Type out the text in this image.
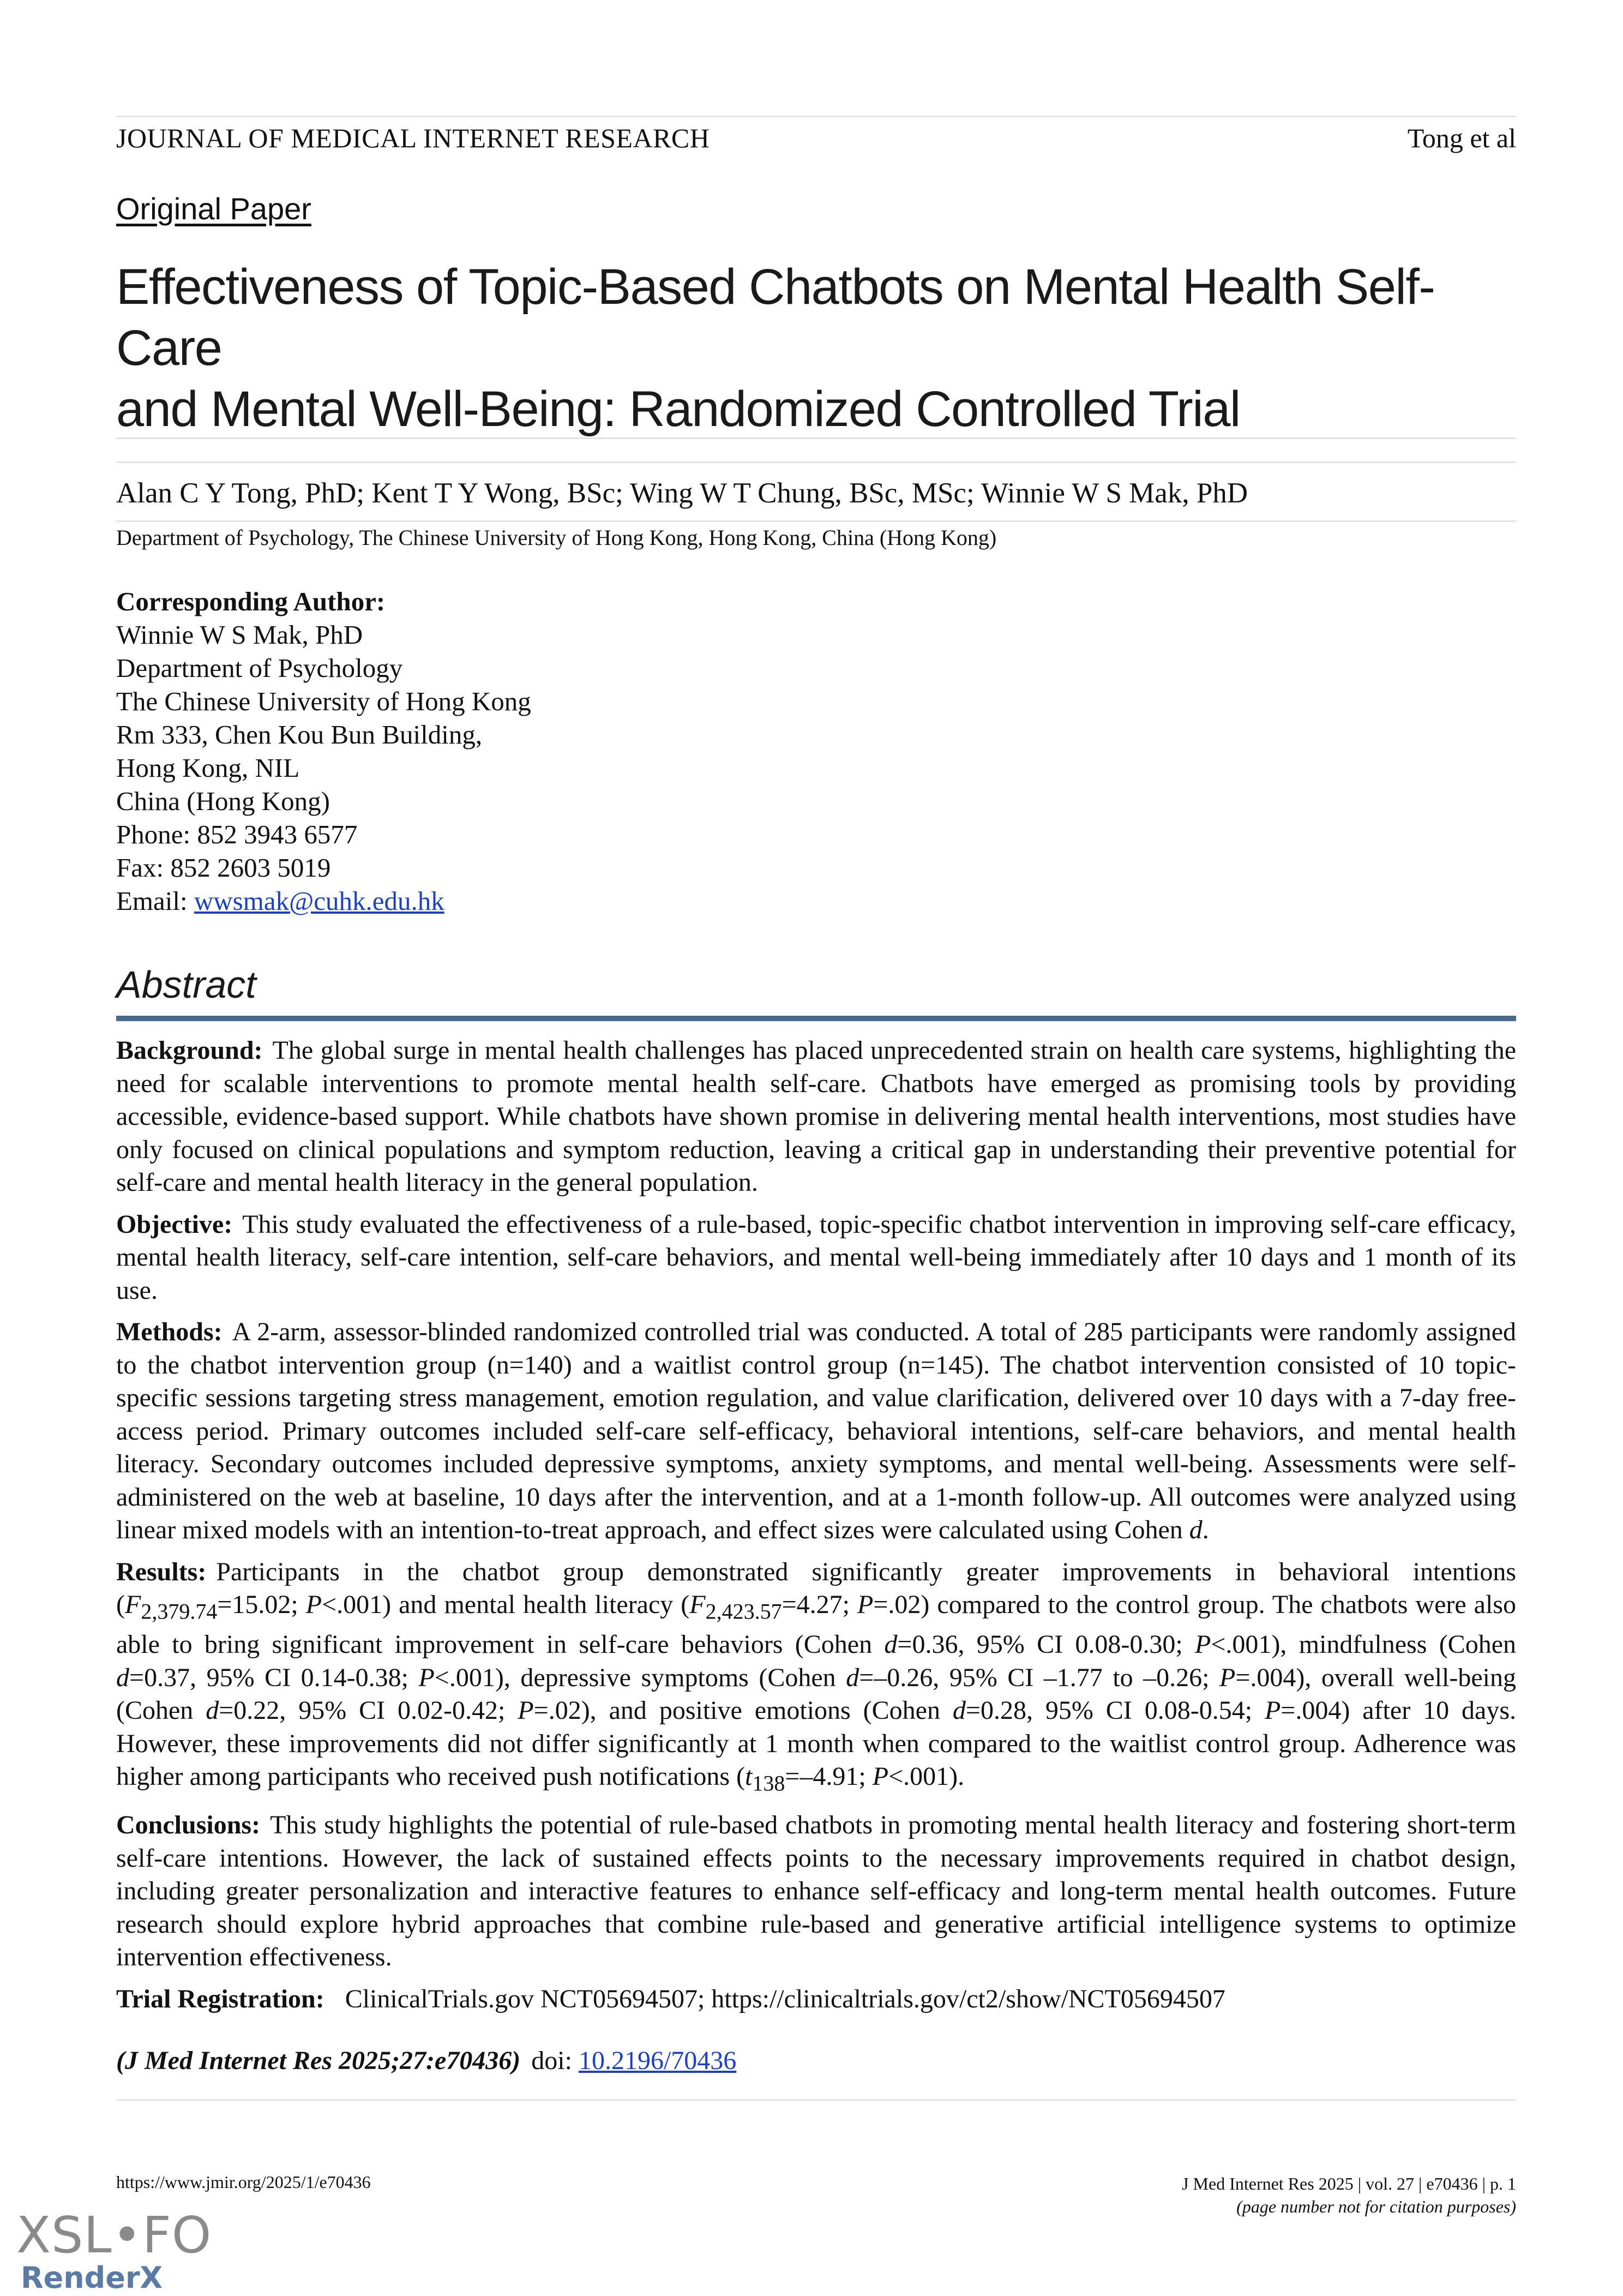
JOURNAL OF MEDICAL INTERNET RESEARCH	Tong et al
Original Paper
Effectiveness of Topic-Based Chatbots on Mental Health Self-Care
and Mental Well-Being: Randomized Controlled Trial
Alan C Y Tong, PhD; Kent T Y Wong, BSc; Wing W T Chung, BSc, MSc; Winnie W S Mak, PhD
Department of Psychology, The Chinese University of Hong Kong, Hong Kong, China (Hong Kong)
Corresponding Author:
Winnie W S Mak, PhD
Department of Psychology
The Chinese University of Hong Kong
Rm 333, Chen Kou Bun Building,
Hong Kong, NIL
China (Hong Kong)
Phone: 852 3943 6577
Fax: 852 2603 5019
Email: wwsmak@cuhk.edu.hk
Abstract

Background: The global surge in mental health challenges has placed unprecedented strain on health care systems, highlighting the need for scalable interventions to promote mental health self-care. Chatbots have emerged as promising tools by providing accessible, evidence-based support. While chatbots have shown promise in delivering mental health interventions, most studies have only focused on clinical populations and symptom reduction, leaving a critical gap in understanding their preventive potential for self-care and mental health literacy in the general population.

Objective: This study evaluated the effectiveness of a rule-based, topic-specific chatbot intervention in improving self-care efficacy, mental health literacy, self-care intention, self-care behaviors, and mental well-being immediately after 10 days and 1 month of its use.

Methods: A 2-arm, assessor-blinded randomized controlled trial was conducted. A total of 285 participants were randomly assigned to the chatbot intervention group (n=140) and a waitlist control group (n=145). The chatbot intervention consisted of 10 topic-specific sessions targeting stress management, emotion regulation, and value clarification, delivered over 10 days with a 7-day free-access period. Primary outcomes included self-care self-efficacy, behavioral intentions, self-care behaviors, and mental health literacy. Secondary outcomes included depressive symptoms, anxiety symptoms, and mental well-being. Assessments were self-administered on the web at baseline, 10 days after the intervention, and at a 1-month follow-up. All outcomes were analyzed using linear mixed models with an intention-to-treat approach, and effect sizes were calculated using Cohen d.

Results: Participants in the chatbot group demonstrated significantly greater improvements in behavioral intentions ($F_{2,379.74}=15.02$; P<.001) and mental health literacy ($F_{2,423.57}=4.27$; P=.02) compared to the control group. The chatbots were also able to bring significant improvement in self-care behaviors (Cohen d=0.36, 95% CI 0.08-0.30; P<.001), mindfulness (Cohen d=0.37, 95% CI 0.14-0.38; P<.001), depressive symptoms (Cohen d=–0.26, 95% CI –1.77 to –0.26; P=.004), overall well-being (Cohen d=0.22, 95% CI 0.02-0.42; P=.02), and positive emotions (Cohen d=0.28, 95% CI 0.08-0.54; P=.004) after 10 days. However, these improvements did not differ significantly at 1 month when compared to the waitlist control group. Adherence was higher among participants who received push notifications ($t_{138}=-4.91$; P<.001).

Conclusions: This study highlights the potential of rule-based chatbots in promoting mental health literacy and fostering short-term self-care intentions. However, the lack of sustained effects points to the necessary improvements required in chatbot design, including greater personalization and interactive features to enhance self-efficacy and long-term mental health outcomes. Future research should explore hybrid approaches that combine rule-based and generative artificial intelligence systems to optimize intervention effectiveness.

Trial Registration: ClinicalTrials.gov NCT05694507; https://clinicaltrials.gov/ct2/show/NCT05694507

(J Med Internet Res 2025;27:e70436) doi: 10.2196/70436
https://www.jmir.org/2025/1/e70436	J Med Internet Res 2025 | vol. 27 | e70436 | p. 1
(page number not for citation purposes)
XSL•FO
RenderX
